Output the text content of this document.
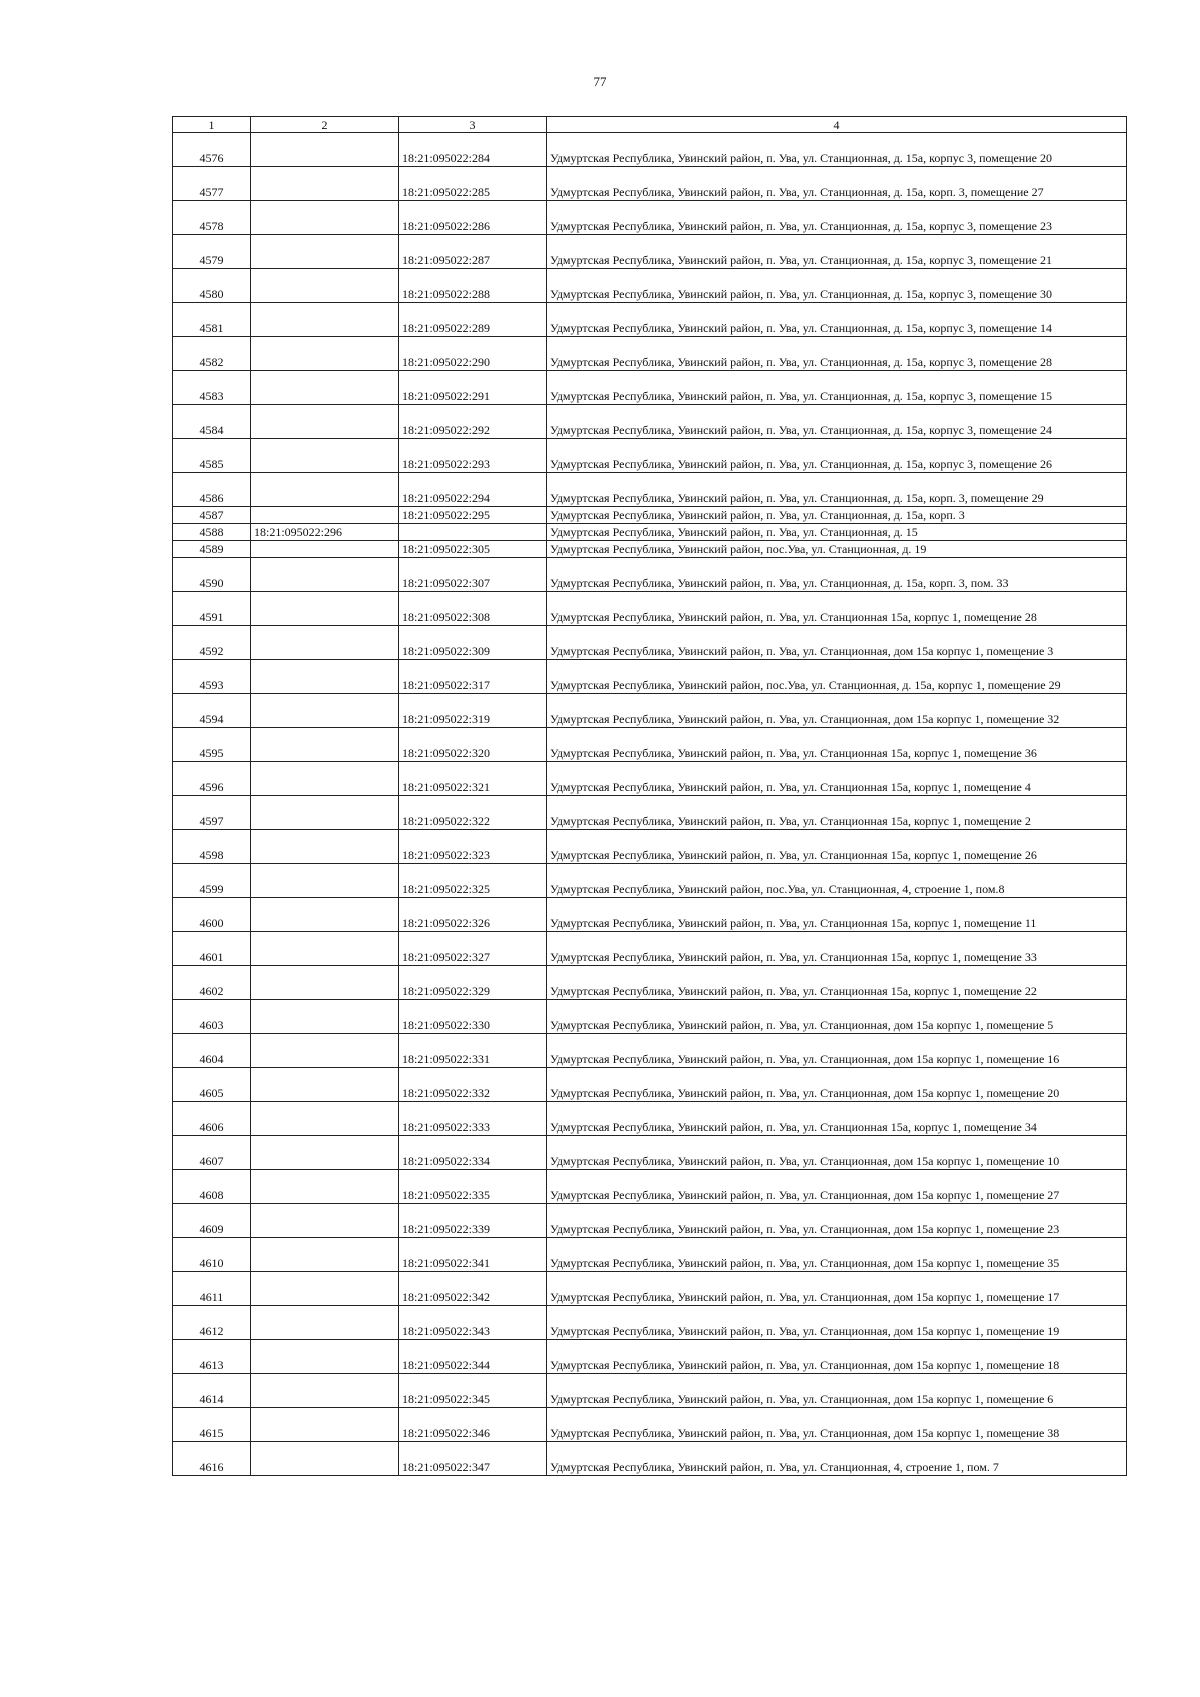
77
1	2	3	4
4576		18:21:095022:284	Удмуртская Республика, Увинский район, п. Ува, ул. Станционная, д. 15а, корпус 3, помещение 20
4577		18:21:095022:285	Удмуртская Республика, Увинский район, п. Ува, ул. Станционная, д. 15а, корп. 3, помещение 27
4578		18:21:095022:286	Удмуртская Республика, Увинский район, п. Ува, ул. Станционная, д. 15а, корпус 3, помещение 23
4579		18:21:095022:287	Удмуртская Республика, Увинский район, п. Ува, ул. Станционная, д. 15а, корпус 3, помещение 21
4580		18:21:095022:288	Удмуртская Республика, Увинский район, п. Ува, ул. Станционная, д. 15а, корпус 3, помещение 30
4581		18:21:095022:289	Удмуртская Республика, Увинский район, п. Ува, ул. Станционная, д. 15а, корпус 3, помещение 14
4582		18:21:095022:290	Удмуртская Республика, Увинский район, п. Ува, ул. Станционная, д. 15а, корпус 3, помещение 28
4583		18:21:095022:291	Удмуртская Республика, Увинский район, п. Ува, ул. Станционная, д. 15а, корпус 3, помещение 15
4584		18:21:095022:292	Удмуртская Республика, Увинский район, п. Ува, ул. Станционная, д. 15а, корпус 3, помещение 24
4585		18:21:095022:293	Удмуртская Республика, Увинский район, п. Ува, ул. Станционная, д. 15а, корпус 3, помещение 26
4586		18:21:095022:294	Удмуртская Республика, Увинский район, п. Ува, ул. Станционная, д. 15а, корп. 3, помещение 29
4587		18:21:095022:295	Удмуртская Республика, Увинский район, п. Ува, ул. Станционная, д. 15а, корп. 3
4588	18:21:095022:296		Удмуртская Республика, Увинский район, п. Ува, ул. Станционная, д. 15
4589		18:21:095022:305	Удмуртская Республика, Увинский район, пос.Ува, ул. Станционная, д. 19
4590		18:21:095022:307	Удмуртская Республика, Увинский район, п. Ува, ул. Станционная, д. 15а, корп. 3, пом. 33
4591		18:21:095022:308	Удмуртская Республика, Увинский район, п. Ува, ул. Станционная 15а, корпус 1, помещение 28
4592		18:21:095022:309	Удмуртская Республика, Увинский район, п. Ува, ул. Станционная, дом 15а корпус 1, помещение 3
4593		18:21:095022:317	Удмуртская Республика, Увинский район, пос.Ува, ул. Станционная, д. 15а, корпус 1, помещение 29
4594		18:21:095022:319	Удмуртская Республика, Увинский район, п. Ува, ул. Станционная, дом 15а корпус 1, помещение 32
4595		18:21:095022:320	Удмуртская Республика, Увинский район, п. Ува, ул. Станционная 15а, корпус 1, помещение 36
4596		18:21:095022:321	Удмуртская Республика, Увинский район, п. Ува, ул. Станционная 15а, корпус 1, помещение 4
4597		18:21:095022:322	Удмуртская Республика, Увинский район, п. Ува, ул. Станционная 15а, корпус 1, помещение 2
4598		18:21:095022:323	Удмуртская Республика, Увинский район, п. Ува, ул. Станционная 15а, корпус 1, помещение 26
4599		18:21:095022:325	Удмуртская Республика, Увинский район, пос.Ува, ул. Станционная, 4, строение 1, пом.8
4600		18:21:095022:326	Удмуртская Республика, Увинский район, п. Ува, ул. Станционная 15а, корпус 1, помещение 11
4601		18:21:095022:327	Удмуртская Республика, Увинский район, п. Ува, ул. Станционная 15а, корпус 1, помещение 33
4602		18:21:095022:329	Удмуртская Республика, Увинский район, п. Ува, ул. Станционная 15а, корпус 1, помещение 22
4603		18:21:095022:330	Удмуртская Республика, Увинский район, п. Ува, ул. Станционная, дом 15а корпус 1, помещение 5
4604		18:21:095022:331	Удмуртская Республика, Увинский район, п. Ува, ул. Станционная, дом 15а корпус 1, помещение 16
4605		18:21:095022:332	Удмуртская Республика, Увинский район, п. Ува, ул. Станционная, дом 15а корпус 1, помещение 20
4606		18:21:095022:333	Удмуртская Республика, Увинский район, п. Ува, ул. Станционная 15а, корпус 1, помещение 34
4607		18:21:095022:334	Удмуртская Республика, Увинский район, п. Ува, ул. Станционная, дом 15а корпус 1, помещение 10
4608		18:21:095022:335	Удмуртская Республика, Увинский район, п. Ува, ул. Станционная, дом 15а корпус 1, помещение 27
4609		18:21:095022:339	Удмуртская Республика, Увинский район, п. Ува, ул. Станционная, дом 15а корпус 1, помещение 23
4610		18:21:095022:341	Удмуртская Республика, Увинский район, п. Ува, ул. Станционная, дом 15а корпус 1, помещение 35
4611		18:21:095022:342	Удмуртская Республика, Увинский район, п. Ува, ул. Станционная, дом 15а корпус 1, помещение 17
4612		18:21:095022:343	Удмуртская Республика, Увинский район, п. Ува, ул. Станционная, дом 15а корпус 1, помещение 19
4613		18:21:095022:344	Удмуртская Республика, Увинский район, п. Ува, ул. Станционная, дом 15а корпус 1, помещение 18
4614		18:21:095022:345	Удмуртская Республика, Увинский район, п. Ува, ул. Станционная, дом 15а корпус 1, помещение 6
4615		18:21:095022:346	Удмуртская Республика, Увинский район, п. Ува, ул. Станционная, дом 15а корпус 1, помещение 38
4616		18:21:095022:347	Удмуртская Республика, Увинский район, п. Ува, ул. Станционная, 4, строение 1, пом. 7
